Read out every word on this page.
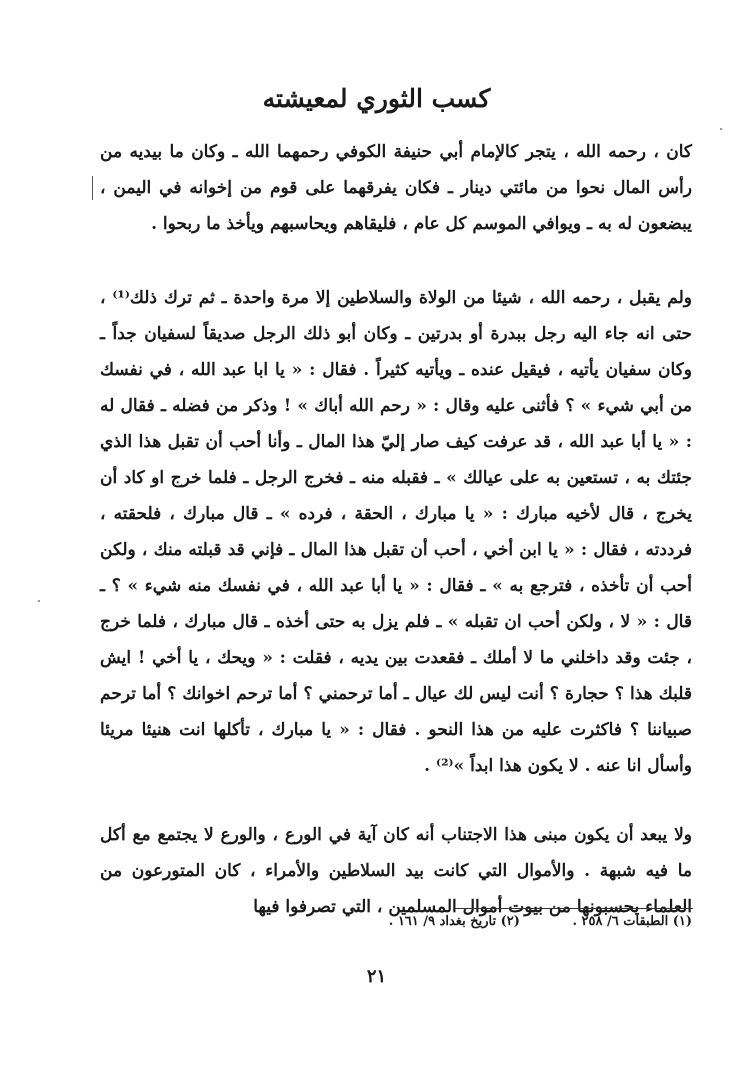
كسب الثوري لمعيشته
كان ، رحمه الله ، يتجر كالإمام أبي حنيفة الكوفي رحمهما الله ـ وكان ما بيديه من رأس المال نحوا من مائتي دينار ـ فكان يفرقهما على قوم من إخوانه في اليمن ، يبضعون له به ـ ويوافي الموسم كل عام ، فليقاهم ويحاسبهم ويأخذ ما ربحوا .
ولم يقبل ، رحمه الله ، شيئا من الولاة والسلاطين إلا مرة واحدة ـ ثم ترك ذلك⁽¹⁾ ، حتى انه جاء اليه رجل ببدرة أو بدرتين ـ وكان أبو ذلك الرجل صديقاً لسفيان جداً ـ وكان سفيان يأتيه ، فيقيل عنده ـ ويأتيه كثيراً . فقال : « يا ابا عبد الله ، في نفسك من أبي شيء » ؟ فأثنى عليه وقال : « رحم الله أباك » ! وذكر من فضله ـ فقال له : « يا أبا عبد الله ، قد عرفت كيف صار إليّ هذا المال ـ وأنا أحب أن تقبل هذا الذي جئتك به ، تستعين به على عيالك » ـ فقبله منه ـ فخرج الرجل ـ فلما خرج او كاد أن يخرج ، قال لأخيه مبارك : « يا مبارك ، الحقة ، فرده » ـ قال مبارك ، فلحقته ، فرددته ، فقال : « يا ابن أخي ، أحب أن تقبل هذا المال ـ فإني قد قبلته منك ، ولكن أحب أن تأخذه ، فترجع به » ـ فقال : « يا أبا عبد الله ، في نفسك منه شيء » ؟ ـ قال : « لا ، ولكن أحب ان تقبله » ـ فلم يزل به حتى أخذه ـ قال مبارك ، فلما خرج ، جئت وقد داخلني ما لا أملك ـ فقعدت بين يديه ، فقلت : « ويحك ، يا أخي ! ايش قلبك هذا ؟ حجارة ؟ أنت ليس لك عيال ـ أما ترحمني ؟ أما ترحم اخوانك ؟ أما ترحم صبياننا ؟ فاكثرت عليه من هذا النحو . فقال : « يا مبارك ، تأكلها انت هنيئا مريئا وأسأل انا عنه . لا يكون هذا ابداً »⁽²⁾ .
ولا يبعد أن يكون مبنى هذا الاجتناب أنه كان آية في الورع ، والورع لا يجتمع مع أكل ما فيه شبهة . والأموال التي كانت بيد السلاطين والأمراء ، كان المتورعون من العلماء يحسبونها من بيوت أموال المسلمين ، التي تصرفوا فيها
(١) الطبقات ٦/ ٢٥٨ . (٢) تاريخ بغداد ٩/ ١٦١ .
٢١
